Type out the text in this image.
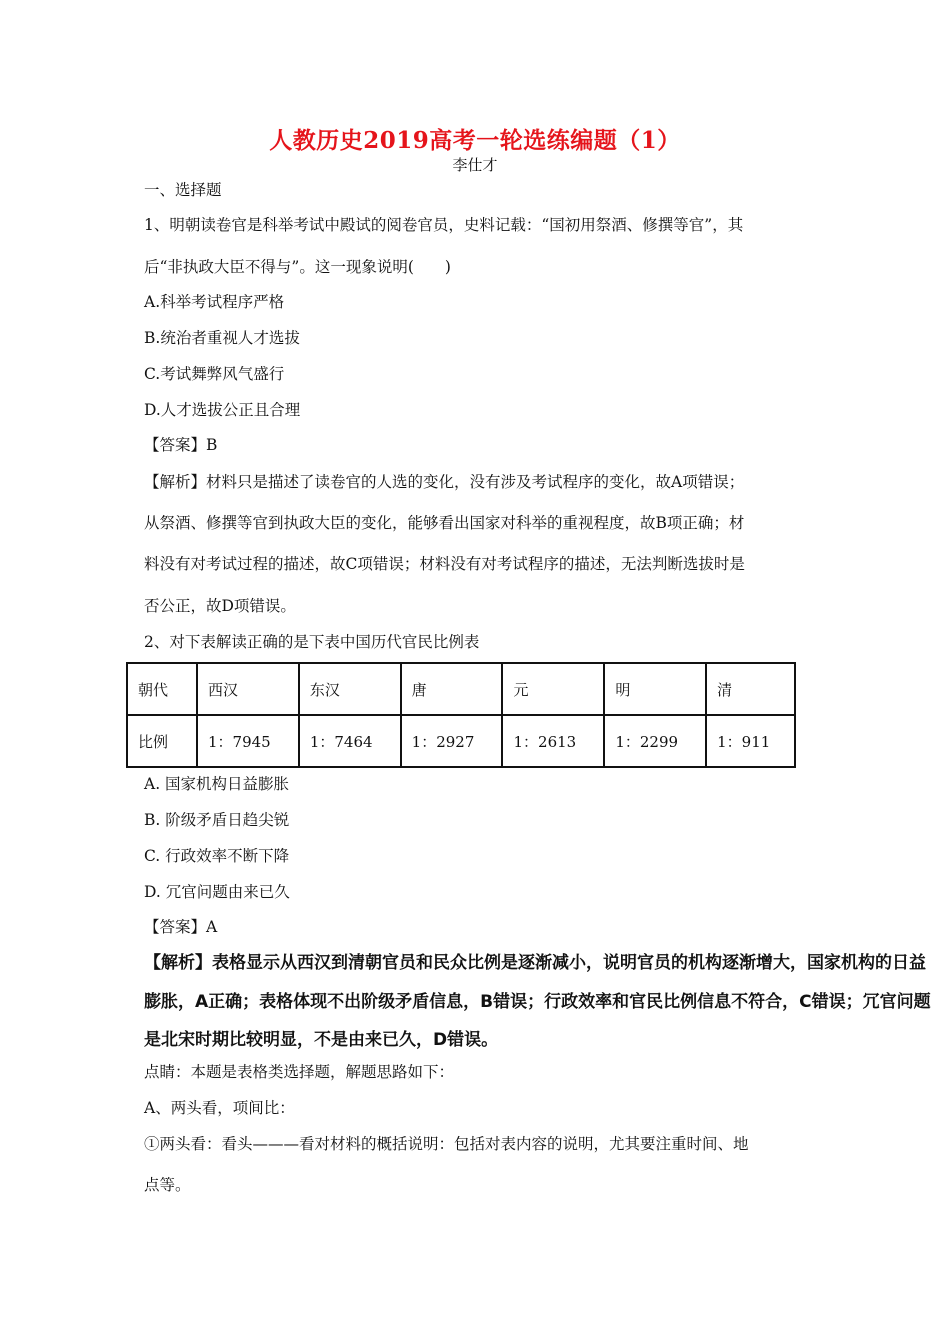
人教历史2019高考一轮选练编题（1）
李仕才
一、选择题
1、明朝读卷官是科举考试中殿试的阅卷官员，史料记载：“国初用祭酒、修撰等官”，其
后“非执政大臣不得与”。这一现象说明(　　)
A.科举考试程序严格
B.统治者重视人才选拔
C.考试舞弊风气盛行
D.人才选拔公正且合理
【答案】B
【解析】材料只是描述了读卷官的人选的变化，没有涉及考试程序的变化，故A项错误；
从祭酒、修撰等官到执政大臣的变化，能够看出国家对科举的重视程度，故B项正确；材
料没有对考试过程的描述，故C项错误；材料没有对考试程序的描述，无法判断选拔时是
否公正，故D项错误。
2、对下表解读正确的是下表中国历代官民比例表
朝代	西汉	东汉	唐	元	明	清
比例	1：7945	1：7464	1：2927	1：2613	1：2299	1：911
A. 国家机构日益膨胀
B. 阶级矛盾日趋尖锐
C. 行政效率不断下降
D. 冗官问题由来已久
【答案】A
【解析】表格显示从西汉到清朝官员和民众比例是逐渐减小，说明官员的机构逐渐增大，国家机构的日益
膨胀，A正确；表格体现不出阶级矛盾信息，B错误；行政效率和官民比例信息不符合，C错误；冗官问题
是北宋时期比较明显，不是由来已久，D错误。
点睛：本题是表格类选择题，解题思路如下：
A、两头看，项间比：
①两头看：看头———看对材料的概括说明：包括对表内容的说明，尤其要注重时间、地
点等。
